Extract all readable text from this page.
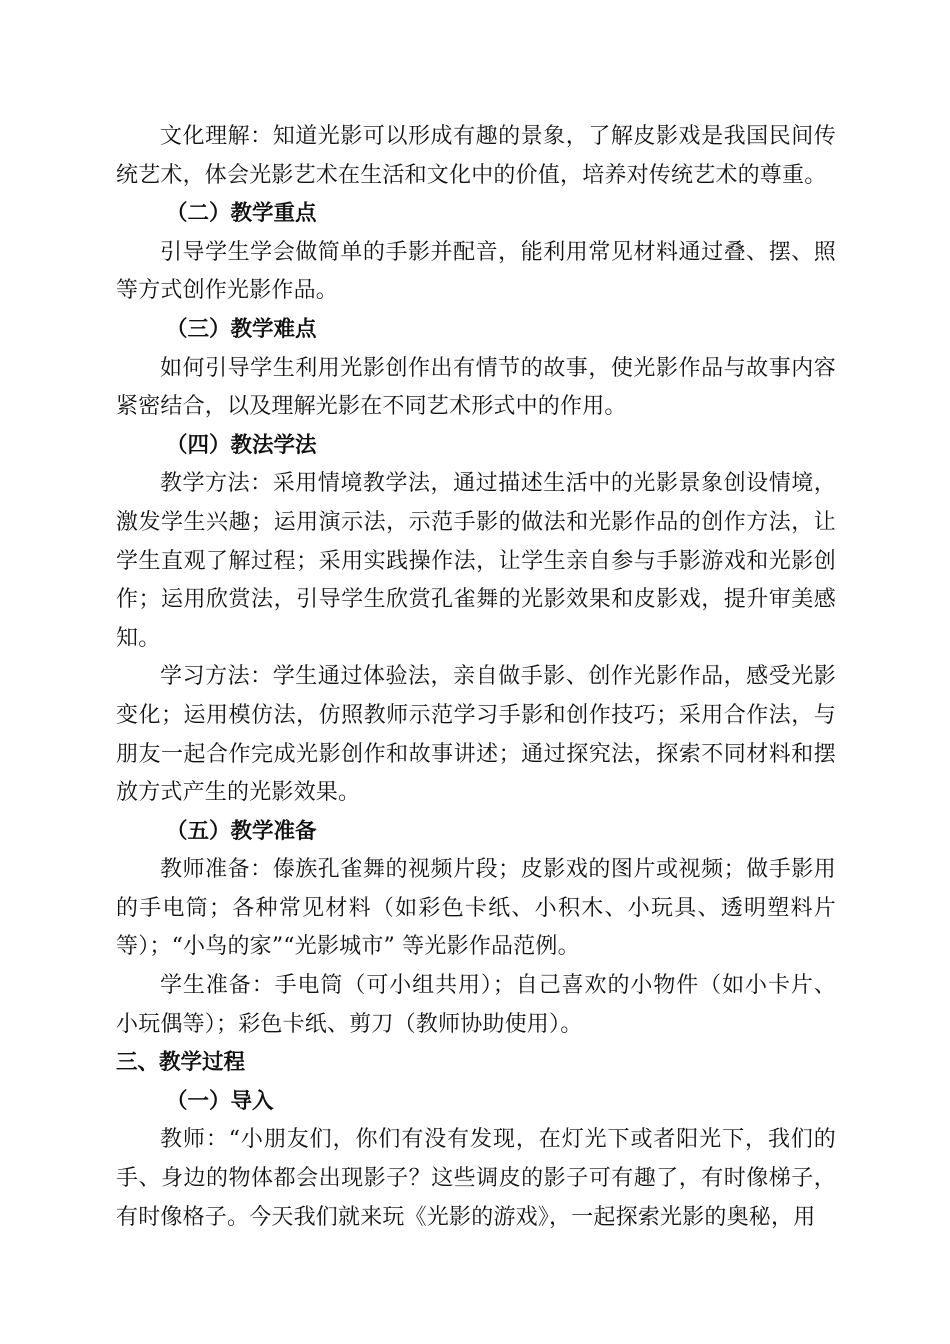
文化理解：知道光影可以形成有趣的景象，了解皮影戏是我国民间传统艺术，体会光影艺术在生活和文化中的价值，培养对传统艺术的尊重。

（二）教学重点

引导学生学会做简单的手影并配音，能利用常见材料通过叠、摆、照等方式创作光影作品。

（三）教学难点

如何引导学生利用光影创作出有情节的故事，使光影作品与故事内容紧密结合，以及理解光影在不同艺术形式中的作用。

（四）教法学法

教学方法：采用情境教学法，通过描述生活中的光影景象创设情境，激发学生兴趣；运用演示法，示范手影的做法和光影作品的创作方法，让学生直观了解过程；采用实践操作法，让学生亲自参与手影游戏和光影创作；运用欣赏法，引导学生欣赏孔雀舞的光影效果和皮影戏，提升审美感知。

学习方法：学生通过体验法，亲自做手影、创作光影作品，感受光影变化；运用模仿法，仿照教师示范学习手影和创作技巧；采用合作法，与朋友一起合作完成光影创作和故事讲述；通过探究法，探索不同材料和摆放方式产生的光影效果。

（五）教学准备

教师准备：傣族孔雀舞的视频片段；皮影戏的图片或视频；做手影用的手电筒；各种常见材料（如彩色卡纸、小积木、小玩具、透明塑料片等）；“小鸟的家”“光影城市” 等光影作品范例。

学生准备：手电筒（可小组共用）；自己喜欢的小物件（如小卡片、小玩偶等）；彩色卡纸、剪刀（教师协助使用）。

三、教学过程

（一）导入

教师：“小朋友们，你们有没有发现，在灯光下或者阳光下，我们的手、身边的物体都会出现影子？这些调皮的影子可有趣了，有时像梯子，有时像格子。今天我们就来玩《光影的游戏》，一起探索光影的奥秘，用
